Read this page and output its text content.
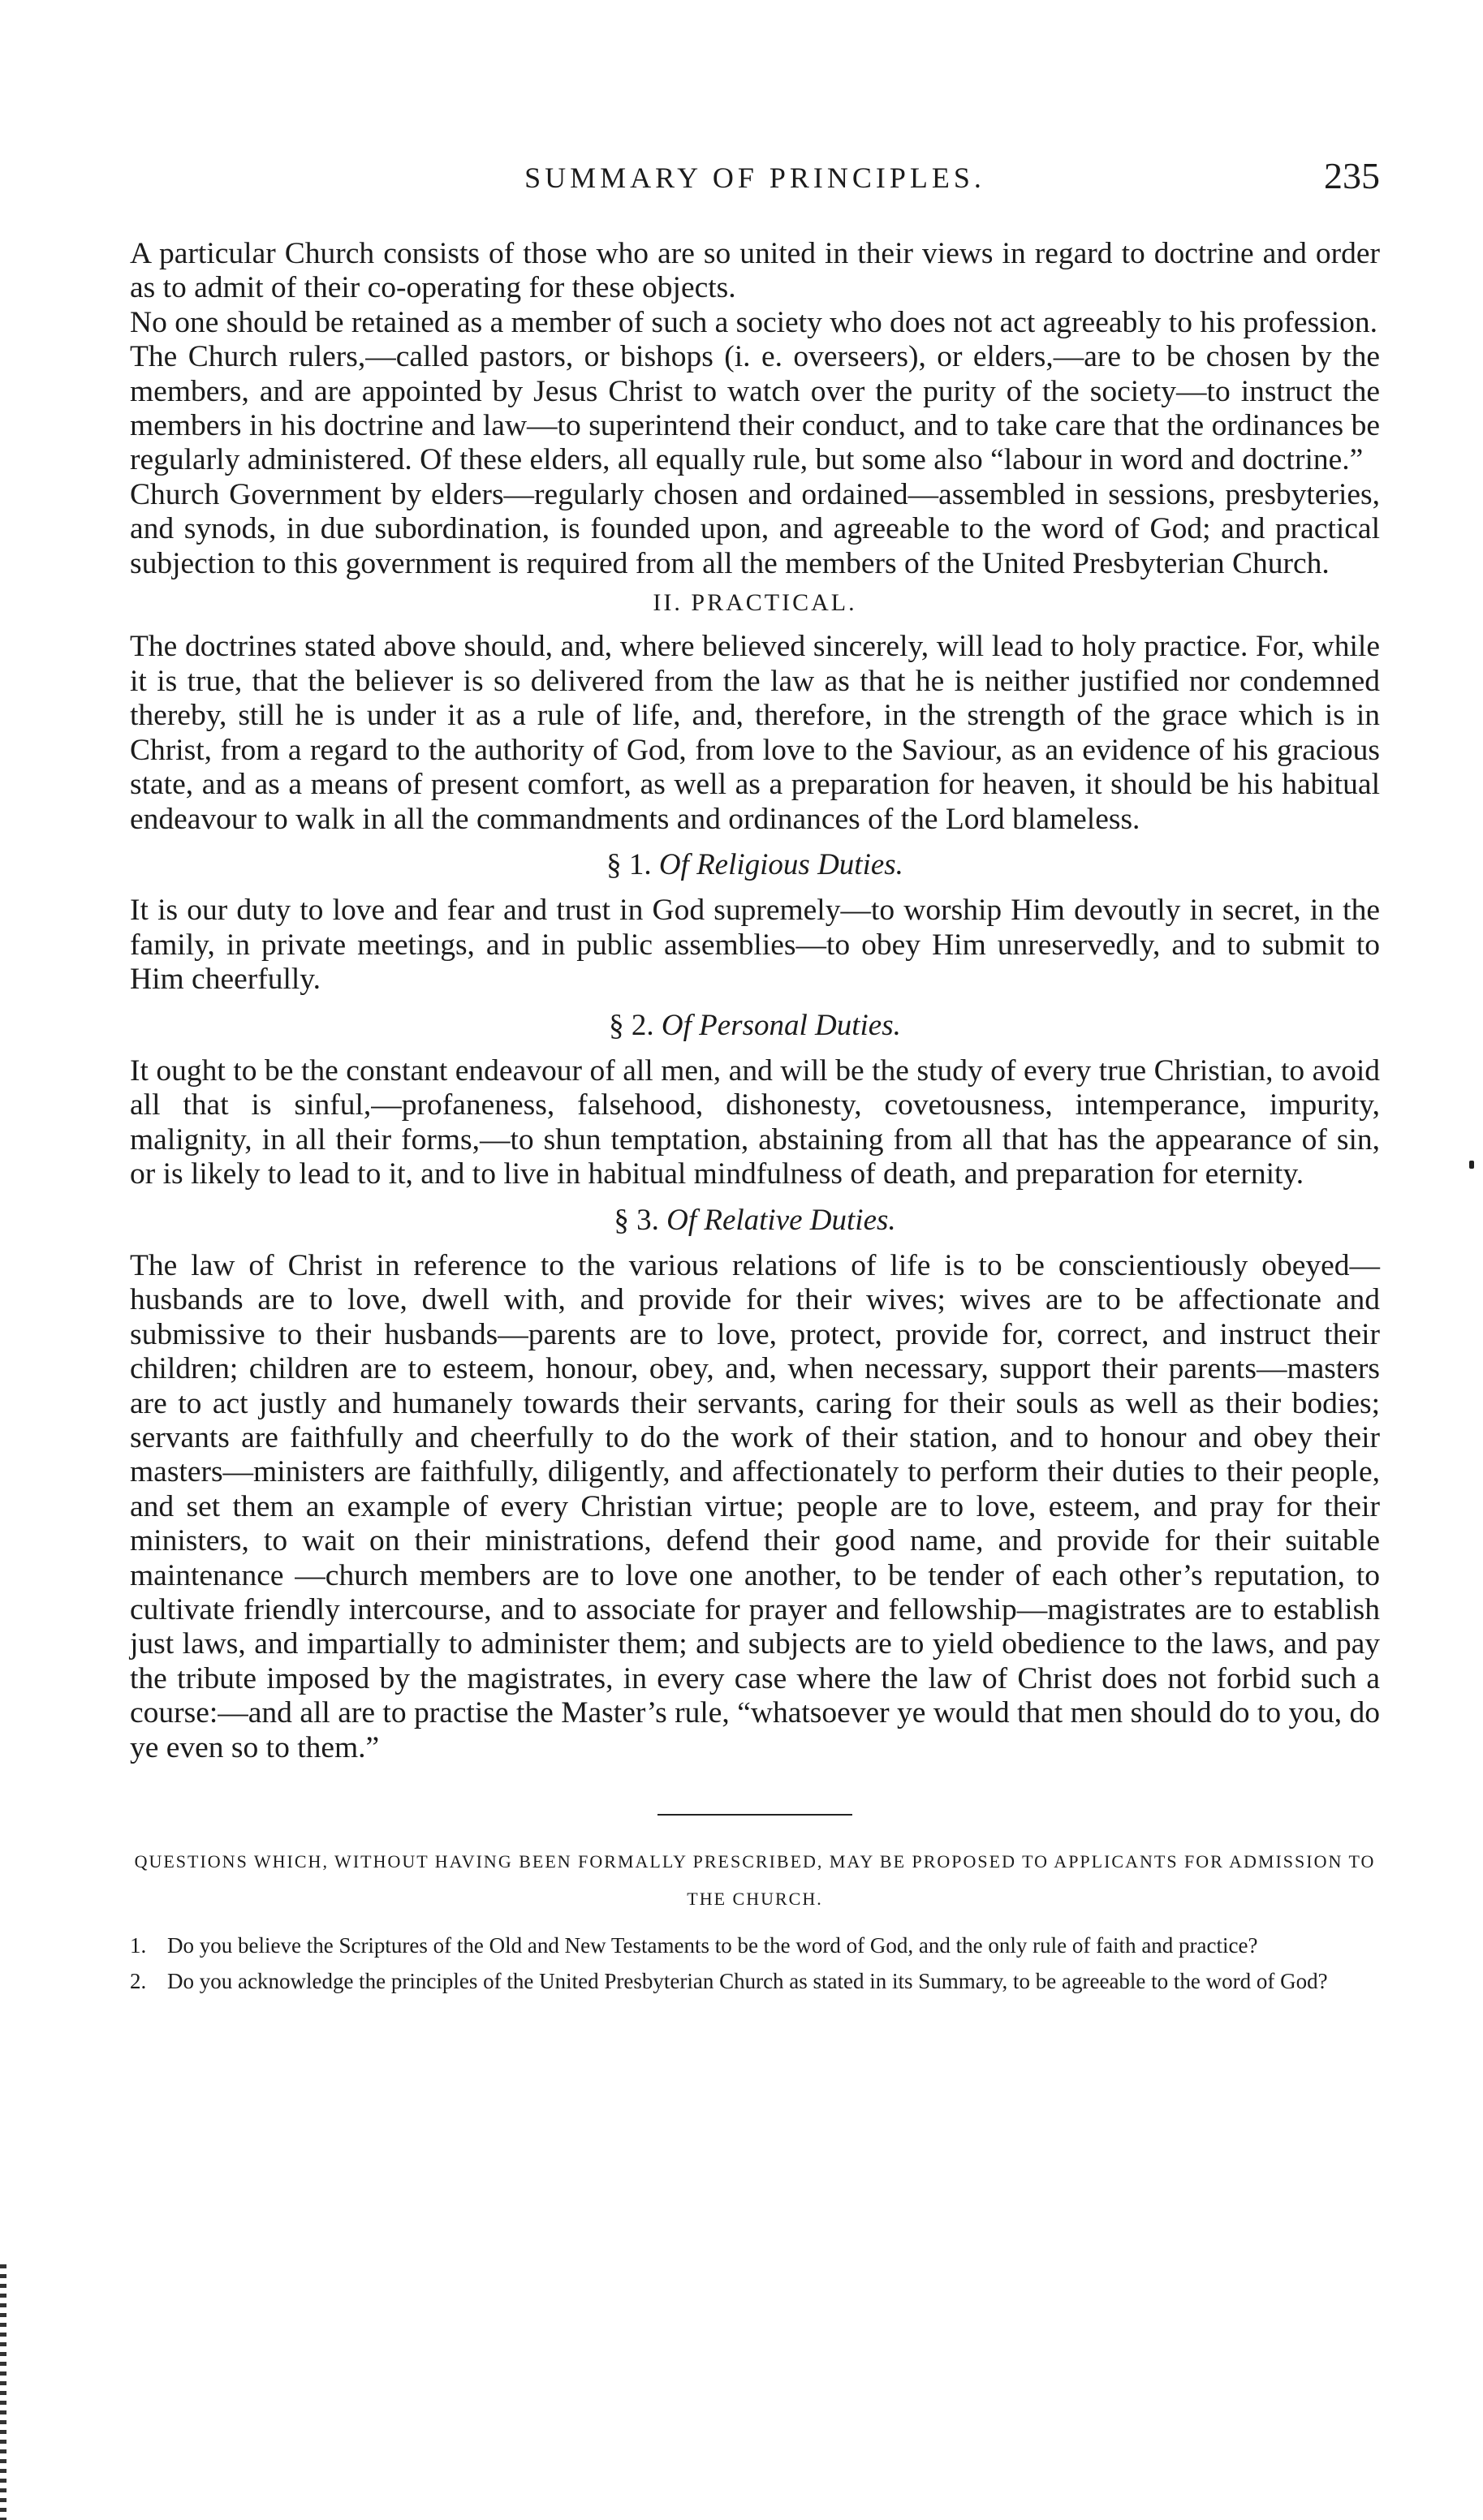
SUMMARY OF PRINCIPLES.	235

A particular Church consists of those who are so united in their views in regard to doctrine and order as to admit of their co-operating for these objects.

No one should be retained as a member of such a society who does not act agreeably to his profession.

The Church rulers,—called pastors, or bishops (i. e. overseers), or elders,—are to be chosen by the members, and are appointed by Jesus Christ to watch over the purity of the society—to instruct the members in his doctrine and law—to superintend their conduct, and to take care that the ordinances be regularly administered. Of these elders, all equally rule, but some also “labour in word and doctrine.”

Church Government by elders—regularly chosen and ordained—assembled in sessions, presbyteries, and synods, in due subordination, is founded upon, and agreeable to the word of God; and practical subjection to this government is required from all the members of the United Presbyterian Church.

II. PRACTICAL.

The doctrines stated above should, and, where believed sincerely, will lead to holy practice. For, while it is true, that the believer is so delivered from the law as that he is neither justified nor condemned thereby, still he is under it as a rule of life, and, therefore, in the strength of the grace which is in Christ, from a regard to the authority of God, from love to the Saviour, as an evidence of his gracious state, and as a means of present comfort, as well as a preparation for heaven, it should be his habitual endeavour to walk in all the commandments and ordinances of the Lord blameless.

§ 1. Of Religious Duties.

It is our duty to love and fear and trust in God supremely—to worship Him devoutly in secret, in the family, in private meetings, and in public assemblies—to obey Him unreservedly, and to submit to Him cheerfully.

§ 2. Of Personal Duties.

It ought to be the constant endeavour of all men, and will be the study of every true Christian, to avoid all that is sinful,—profaneness, falsehood, dishonesty, covetousness, intemperance, impurity, malignity, in all their forms,—to shun temptation, abstaining from all that has the appearance of sin, or is likely to lead to it, and to live in habitual mindfulness of death, and preparation for eternity.

§ 3. Of Relative Duties.

The law of Christ in reference to the various relations of life is to be conscientiously obeyed—husbands are to love, dwell with, and provide for their wives; wives are to be affectionate and submissive to their husbands—parents are to love, protect, provide for, correct, and instruct their children; children are to esteem, honour, obey, and, when necessary, support their parents—masters are to act justly and humanely towards their servants, caring for their souls as well as their bodies; servants are faithfully and cheerfully to do the work of their station, and to honour and obey their masters—ministers are faithfully, diligently, and affectionately to perform their duties to their people, and set them an example of every Christian virtue; people are to love, esteem, and pray for their ministers, to wait on their ministrations, defend their good name, and provide for their suitable maintenance —church members are to love one another, to be tender of each other’s reputation, to cultivate friendly intercourse, and to associate for prayer and fellowship—magistrates are to establish just laws, and impartially to administer them; and subjects are to yield obedience to the laws, and pay the tribute imposed by the magistrates, in every case where the law of Christ does not forbid such a course:—and all are to practise the Master’s rule, “whatsoever ye would that men should do to you, do ye even so to them.”

QUESTIONS WHICH, WITHOUT HAVING BEEN FORMALLY PRESCRIBED, MAY BE PROPOSED TO APPLICANTS FOR ADMISSION TO THE CHURCH.
1. Do you believe the Scriptures of the Old and New Testaments to be the word of God, and the only rule of faith and practice?
2. Do you acknowledge the principles of the United Presbyterian Church as stated in its Summary, to be agreeable to the word of God?
